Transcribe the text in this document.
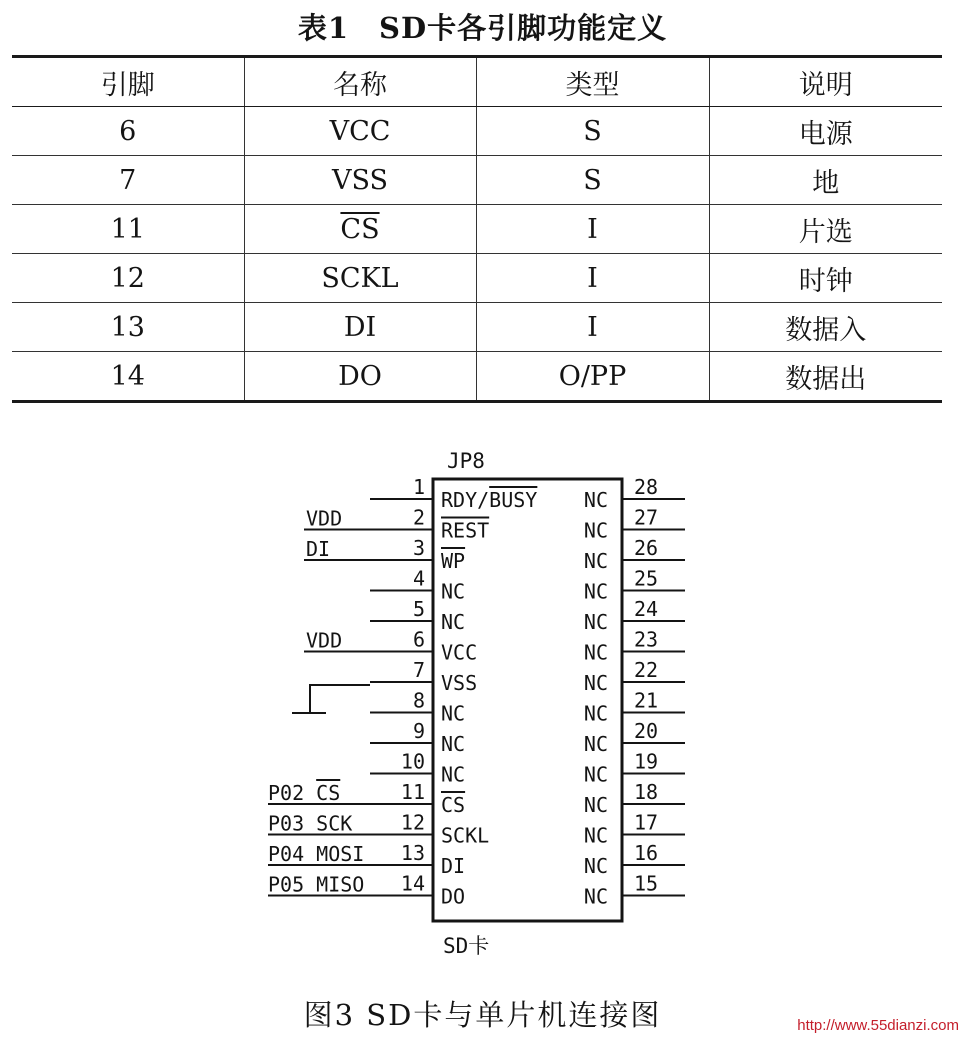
表1　SD卡各引脚功能定义
引脚	名称	类型	说明
6	VCC	S	电源
7	VSS	S	地
11	$\overline{CS}$	I	片选
12	SCKL	I	时钟
13	DI	I	数据入
14	DO	O/PP	数据出
JP8
SD卡
1
RDY/BUSY
2
REST
VDD
3
WP
DI
4
NC
5
NC
6
VCC
VDD
7
VSS
8
NC
9
NC
10
NC
11
CS
P02 CS
12
SCKL
P03 SCK
13
DI
P04 MOSI
14
DO
P05 MISO
28
NC
27
NC
26
NC
25
NC
24
NC
23
NC
22
NC
21
NC
20
NC
19
NC
18
NC
17
NC
16
NC
15
NC
图3 SD卡与单片机连接图	http://www.55dianzi.com
